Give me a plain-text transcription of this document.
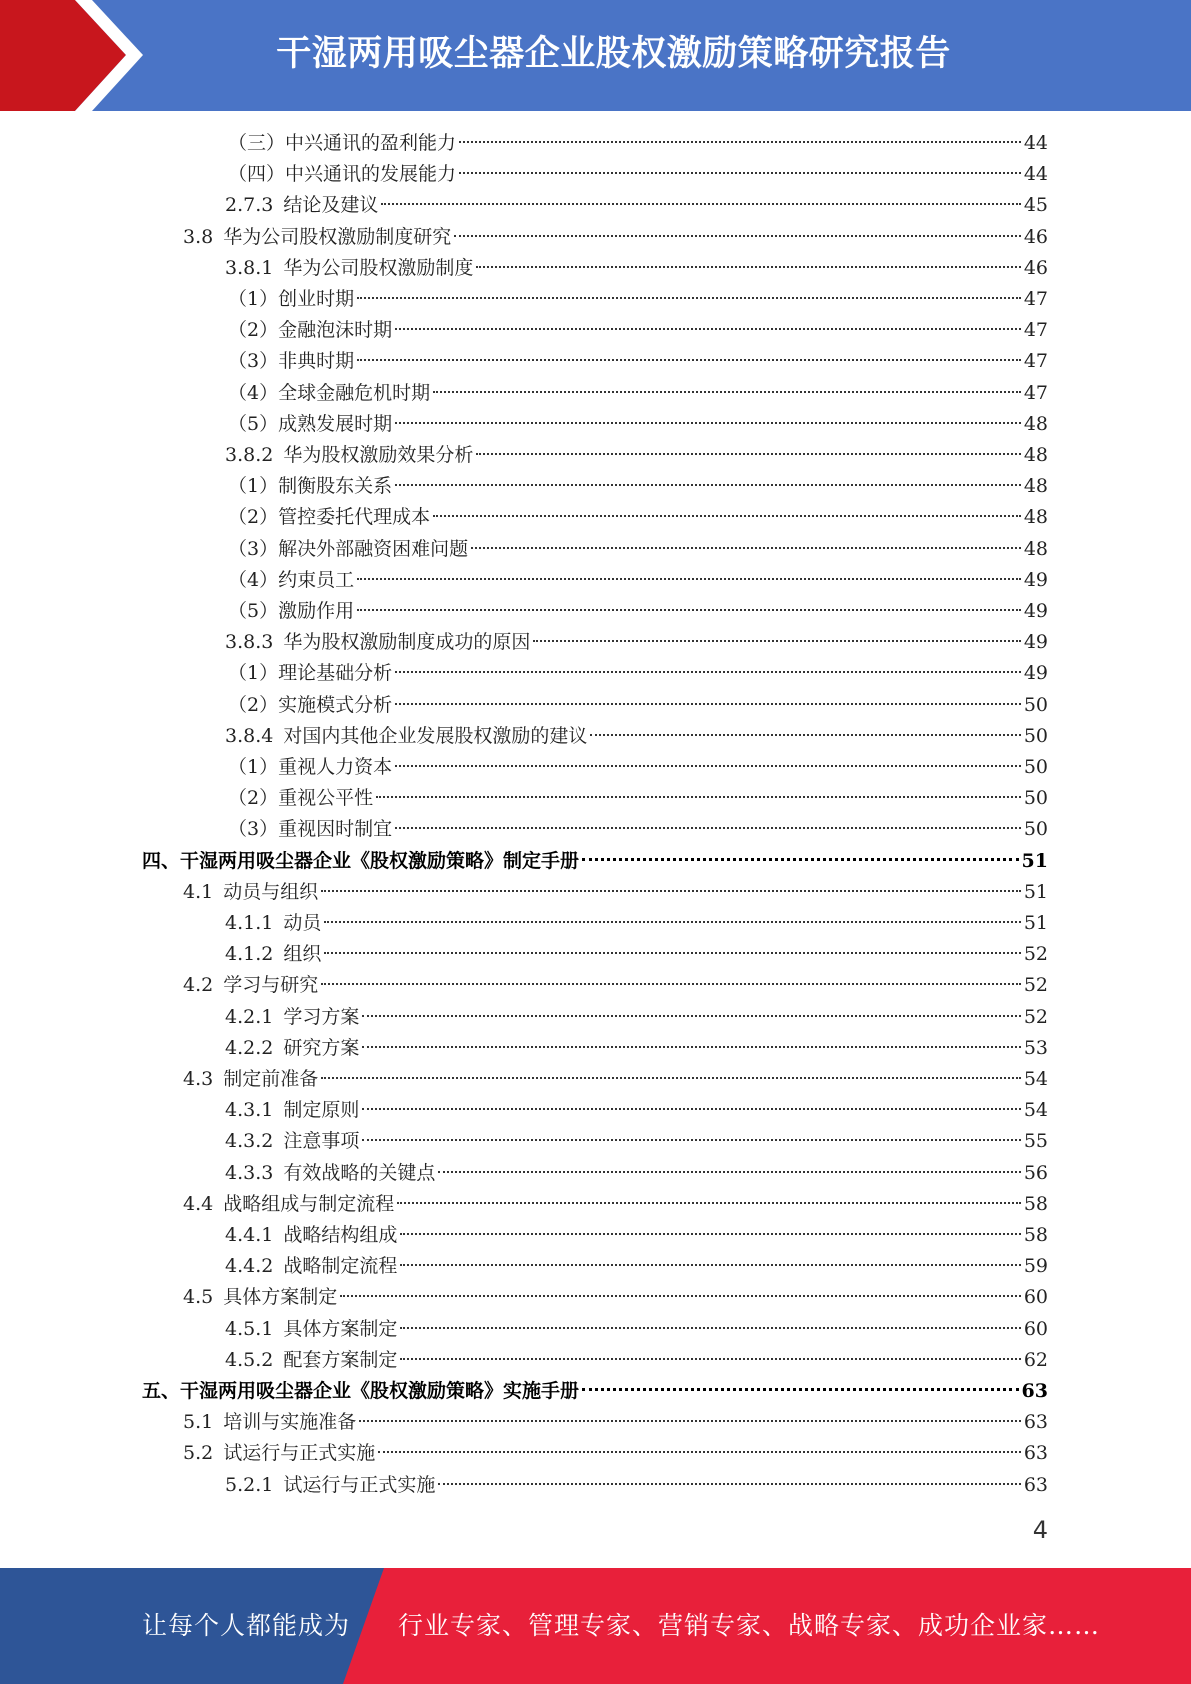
干湿两用吸尘器企业股权激励策略研究报告
（三）中兴通讯的盈利能力	44
（四）中兴通讯的发展能力	44
2.7.3 结论及建议	45
3.8 华为公司股权激励制度研究	46
3.8.1 华为公司股权激励制度	46
（1）创业时期	47
（2）金融泡沫时期	47
（3）非典时期	47
（4）全球金融危机时期	47
（5）成熟发展时期	48
3.8.2 华为股权激励效果分析	48
（1）制衡股东关系	48
（2）管控委托代理成本	48
（3）解决外部融资困难问题	48
（4）约束员工	49
（5）激励作用	49
3.8.3 华为股权激励制度成功的原因	49
（1）理论基础分析	49
（2）实施模式分析	50
3.8.4 对国内其他企业发展股权激励的建议	50
（1）重视人力资本	50
（2）重视公平性	50
（3）重视因时制宜	50
四、干湿两用吸尘器企业《股权激励策略》制定手册	51
4.1 动员与组织	51
4.1.1 动员	51
4.1.2 组织	52
4.2 学习与研究	52
4.2.1 学习方案	52
4.2.2 研究方案	53
4.3 制定前准备	54
4.3.1 制定原则	54
4.3.2 注意事项	55
4.3.3 有效战略的关键点	56
4.4 战略组成与制定流程	58
4.4.1 战略结构组成	58
4.4.2 战略制定流程	59
4.5 具体方案制定	60
4.5.1 具体方案制定	60
4.5.2 配套方案制定	62
五、干湿两用吸尘器企业《股权激励策略》实施手册	63
5.1 培训与实施准备	63
5.2 试运行与正式实施	63
5.2.1 试运行与正式实施	63
4
让每个人都能成为 行业专家、管理专家、营销专家、战略专家、成功企业家……
